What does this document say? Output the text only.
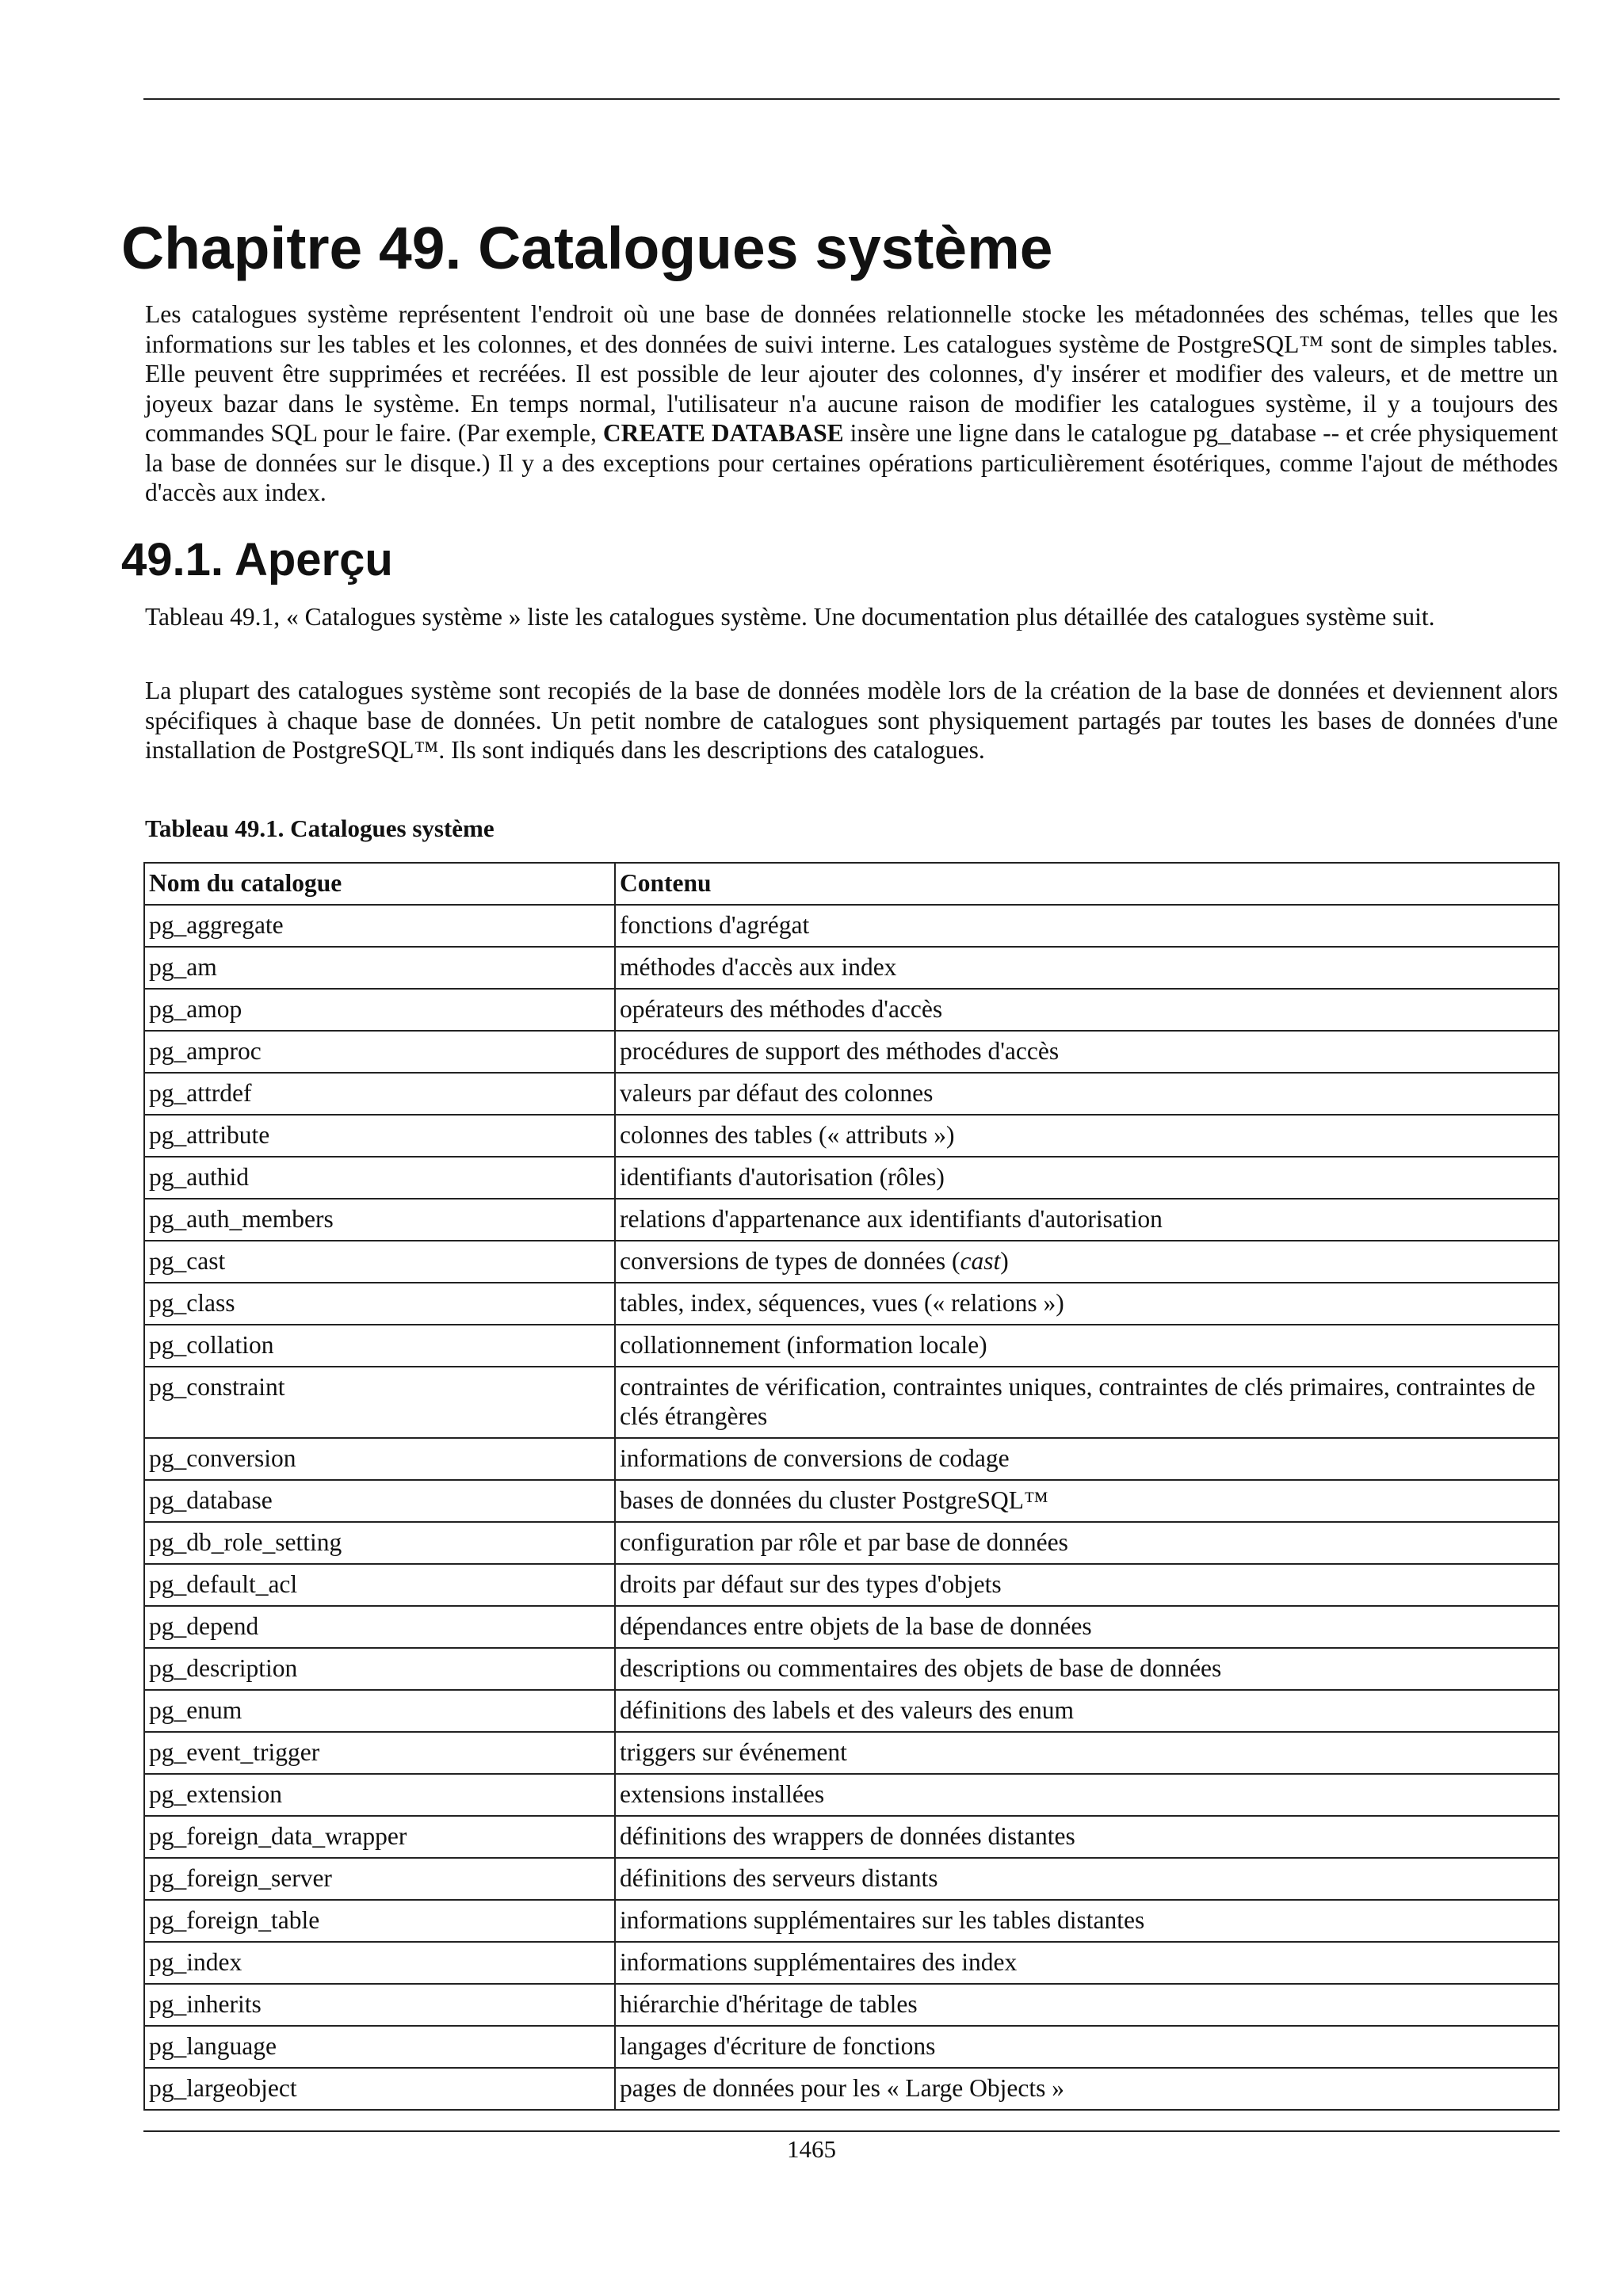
Chapitre 49. Catalogues système

Les catalogues système représentent l'endroit où une base de données relationnelle stocke les métadonnées des schémas, telles que les informations sur les tables et les colonnes, et des données de suivi interne. Les catalogues système de PostgreSQL™ sont de simples tables. Elle peuvent être supprimées et recréées. Il est possible de leur ajouter des colonnes, d'y insérer et modifier des valeurs, et de mettre un joyeux bazar dans le système. En temps normal, l'utilisateur n'a aucune raison de modifier les catalogues système, il y a toujours des commandes SQL pour le faire. (Par exemple, CREATE DATABASE insère une ligne dans le catalogue pg_database -- et crée physiquement la base de données sur le disque.) Il y a des exceptions pour certaines opérations particulièrement ésotériques, comme l'ajout de méthodes d'accès aux index.

49.1. Aperçu

Tableau 49.1, « Catalogues système » liste les catalogues système. Une documentation plus détaillée des catalogues système suit.

La plupart des catalogues système sont recopiés de la base de données modèle lors de la création de la base de données et deviennent alors spécifiques à chaque base de données. Un petit nombre de catalogues sont physiquement partagés par toutes les bases de données d'une installation de PostgreSQL™. Ils sont indiqués dans les descriptions des catalogues.

Tableau 49.1. Catalogues système

Nom du catalogue	Contenu
pg_aggregate	fonctions d'agrégat
pg_am	méthodes d'accès aux index
pg_amop	opérateurs des méthodes d'accès
pg_amproc	procédures de support des méthodes d'accès
pg_attrdef	valeurs par défaut des colonnes
pg_attribute	colonnes des tables (« attributs »)
pg_authid	identifiants d'autorisation (rôles)
pg_auth_members	relations d'appartenance aux identifiants d'autorisation
pg_cast	conversions de types de données (cast)
pg_class	tables, index, séquences, vues (« relations »)
pg_collation	collationnement (information locale)
pg_constraint	contraintes de vérification, contraintes uniques, contraintes de clés primaires, contraintes de clés étrangères
pg_conversion	informations de conversions de codage
pg_database	bases de données du cluster PostgreSQL™
pg_db_role_setting	configuration par rôle et par base de données
pg_default_acl	droits par défaut sur des types d'objets
pg_depend	dépendances entre objets de la base de données
pg_description	descriptions ou commentaires des objets de base de données
pg_enum	définitions des labels et des valeurs des enum
pg_event_trigger	triggers sur événement
pg_extension	extensions installées
pg_foreign_data_wrapper	définitions des wrappers de données distantes
pg_foreign_server	définitions des serveurs distants
pg_foreign_table	informations supplémentaires sur les tables distantes
pg_index	informations supplémentaires des index
pg_inherits	hiérarchie d'héritage de tables
pg_language	langages d'écriture de fonctions
pg_largeobject	pages de données pour les « Large Objects »
1465
